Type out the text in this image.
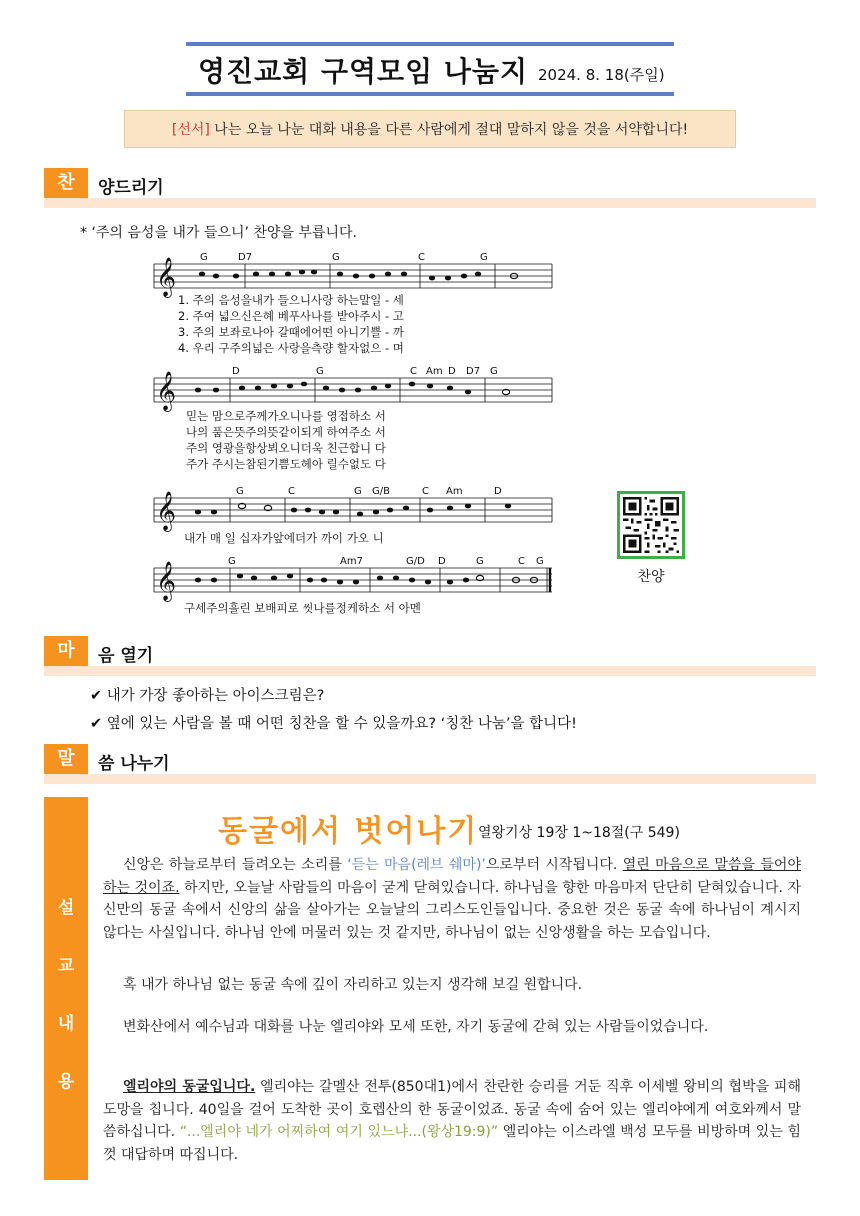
영진교회 구역모임 나눔지 2024. 8. 18(주일)
[선서] 나는 오늘 나눈 대화 내용을 다른 사람에게 절대 말하지 않을 것을 서약합니다!
찬	양드리기
* ‘주의 음성을 내가 들으니’ 찬양을 부릅니다.
𝄞 G	D7	G	C	G
1. 주의 음성을내가 들으니사랑 하는말일 - 세
2. 주여 넓으신은혜 베푸사나를 받아주시 - 고
3. 주의 보좌로나아 갈때에어떤 아니기쁠 - 까
4. 우리 구주의넓은 사랑을측량 할자없으 - 며
𝄞	D	G	C Am D D7 G
믿는 맘으로주께가오니나를 영접하소 서
나의 품은뜻주의뜻같이되게 하여주소 서
주의 영광을항상뵈오니더욱 친근합니 다
주가 주시는참된기쁨도헤아 릴수없도 다
𝄞	G	C	G G/B	C Am	D
내가 매 일 십자가앞에더가 까이 가오 니
𝄞	G	Am7	G/D D	G	C G
구세주의흘린 보배피로 씻나를정케하소 서 아멘
찬양
마	음 열기
✔ 내가 가장 좋아하는 아이스크림은?
✔ 옆에 있는 사람을 볼 때 어떤 칭찬을 할 수 있을까요? ‘칭찬 나눔’을 합니다!
말	씀 나누기
설
교
내
용
동굴에서 벗어나기 열왕기상 19장 1~18절(구 549)
신앙은 하늘로부터 들려오는 소리를 ‘듣는 마음(레브 쉐마)’으로부터 시작됩니다. 열린 마음으로 말씀을 들어야 하는 것이죠. 하지만, 오늘날 사람들의 마음이 굳게 닫혀있습니다. 하나님을 향한 마음마저 단단히 닫혀있습니다. 자신만의 동굴 속에서 신앙의 삶을 살아가는 오늘날의 그리스도인들입니다. 중요한 것은 동굴 속에 하나님이 계시지 않다는 사실입니다. 하나님 안에 머물러 있는 것 같지만, 하나님이 없는 신앙생활을 하는 모습입니다.
혹 내가 하나님 없는 동굴 속에 깊이 자리하고 있는지 생각해 보길 원합니다.
변화산에서 예수님과 대화를 나눈 엘리야와 모세 또한, 자기 동굴에 갇혀 있는 사람들이었습니다.
엘리야의 동굴입니다. 엘리야는 갈멜산 전투(850대1)에서 찬란한 승리를 거둔 직후 이세벨 왕비의 협박을 피해 도망을 칩니다. 40일을 걸어 도착한 곳이 호렙산의 한 동굴이었죠. 동굴 속에 숨어 있는 엘리야에게 여호와께서 말씀하십니다. “...엘리야 네가 어찌하여 여기 있느냐...(왕상19:9)” 엘리야는 이스라엘 백성 모두를 비방하며 있는 힘껏 대답하며 따집니다.
